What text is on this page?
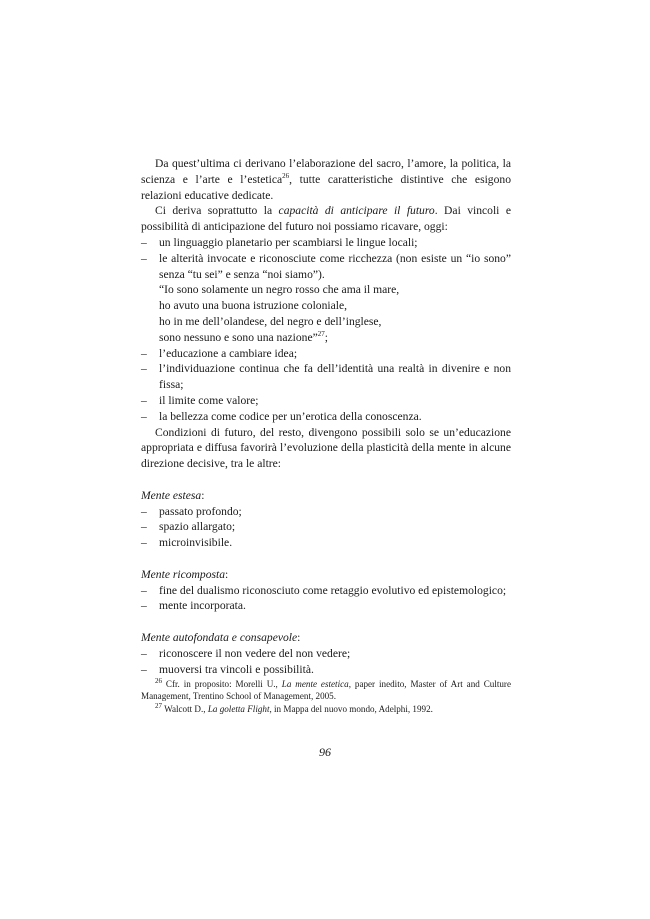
Da quest’ultima ci derivano l’elaborazione del sacro, l’amore, la politica, la scienza e l’arte e l’estetica$^{26}$, tutte caratteristiche distintive che esigono relazioni educative dedicate.

Ci deriva soprattutto la capacità di anticipare il futuro. Dai vincoli e possibilità di anticipazione del futuro noi possiamo ricavare, oggi:

– un linguaggio planetario per scambiarsi le lingue locali;

– le alterità invocate e riconosciute come ricchezza (non esiste un “io sono” senza “tu sei” e senza “noi siamo”).

“Io sono solamente un negro rosso che ama il mare,

ho avuto una buona istruzione coloniale,

ho in me dell’olandese, del negro e dell’inglese,

sono nessuno e sono una nazione”$^{27}$;

– l’educazione a cambiare idea;

– l’individuazione continua che fa dell’identità una realtà in divenire e non fissa;

– il limite come valore;

– la bellezza come codice per un’erotica della conoscenza.

Condizioni di futuro, del resto, divengono possibili solo se un’educazione appropriata e diffusa favorirà l’evoluzione della plasticità della mente in alcune direzione decisive, tra le altre:

Mente estesa:

– passato profondo;

– spazio allargato;

– microinvisibile.

Mente ricomposta:

– fine del dualismo riconosciuto come retaggio evolutivo ed epistemologico;

– mente incorporata.

Mente autofondata e consapevole:

– riconoscere il non vedere del non vedere;

– muoversi tra vincoli e possibilità.

$^{26}$ Cfr. in proposito: Morelli U., La mente estetica, paper inedito, Master of Art and Culture Management, Trentino School of Management, 2005.

$^{27}$ Walcott D., La goletta Flight, in Mappa del nuovo mondo, Adelphi, 1992.

96
